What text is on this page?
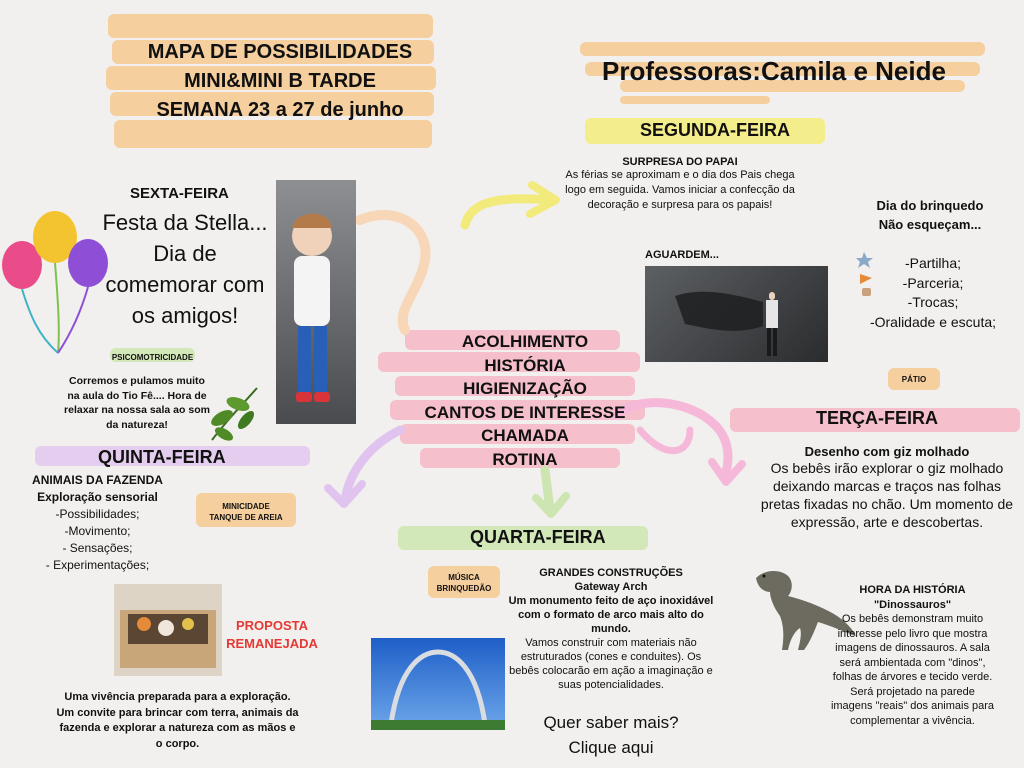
MAPA DE POSSIBILIDADES
MINI&MINI B TARDE
SEMANA 23 a 27 de junho
Professoras:Camila e Neide
SEGUNDA-FEIRA
SURPRESA DO PAPAI
As férias se aproximam e o dia dos Pais chega logo em seguida. Vamos iniciar a confecção da decoração e surpresa para os papais!
AGUARDEM...
Dia do brinquedo
Não esqueçam...
-Partilha;
-Parceria;
-Trocas;
-Oralidade e escuta;
PÁTIO
ACOLHIMENTO
HISTÓRIA
HIGIENIZAÇÃO
CANTOS DE INTERESSE
CHAMADA
ROTINA
TERÇA-FEIRA
Desenho com giz molhado
Os bebês irão explorar o giz molhado deixando marcas e traços nas folhas pretas fixadas no chão. Um momento de expressão, arte e descobertas.
HORA DA HISTÓRIA
"Dinossauros"
Os bebês demonstram muito interesse pelo livro que mostra imagens de dinossauros. A sala será ambientada com "dinos", folhas de árvores e tecido verde. Será projetado na parede imagens "reais" dos animais para complementar a vivência.
QUARTA-FEIRA
MÚSICA
BRINQUEDÃO
GRANDES CONSTRUÇÕES
Gateway Arch
Um monumento feito de aço inoxidável com o formato de arco mais alto do mundo.
Vamos construir com materiais não estruturados (cones e conduites). Os bebês colocarão em ação a imaginação e suas potencialidades.
Quer saber mais?
Clique aqui
QUINTA-FEIRA
ANIMAIS DA FAZENDA
Exploração sensorial
-Possibilidades;
-Movimento;
- Sensações;
- Experimentações;
MINICIDADE
TANQUE DE AREIA
PROPOSTA
REMANEJADA
Uma vivência preparada para a exploração. Um convite para brincar com terra, animais da fazenda e explorar a natureza com as mãos e o corpo.
SEXTA-FEIRA
Festa da Stella...
Dia de
comemorar com
os amigos!
PSICOMOTRICIDADE
Corremos e pulamos muito na aula do Tio Fê.... Hora de relaxar na nossa sala ao som da natureza!
